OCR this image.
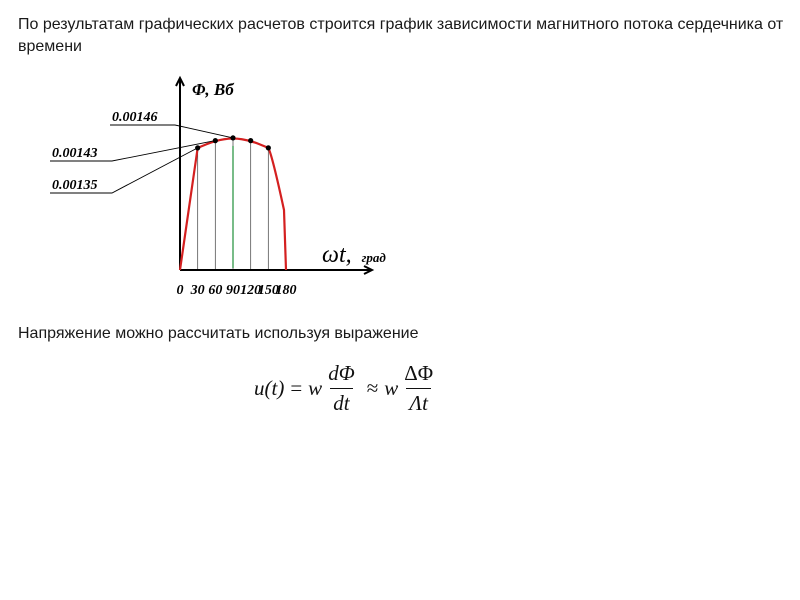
По результатам графических расчетов строится график зависимости магнитного потока сердечника от времени

0.00146
0.00143
0.00135
0 30 60 90 120
150
180
Φ, Вб
ωt, град

Напряжение можно рассчитать используя выражение

u(t) = w $\frac{d\Phi}{dt} \approx w \frac{\Delta\Phi}{\Lambda t}$
